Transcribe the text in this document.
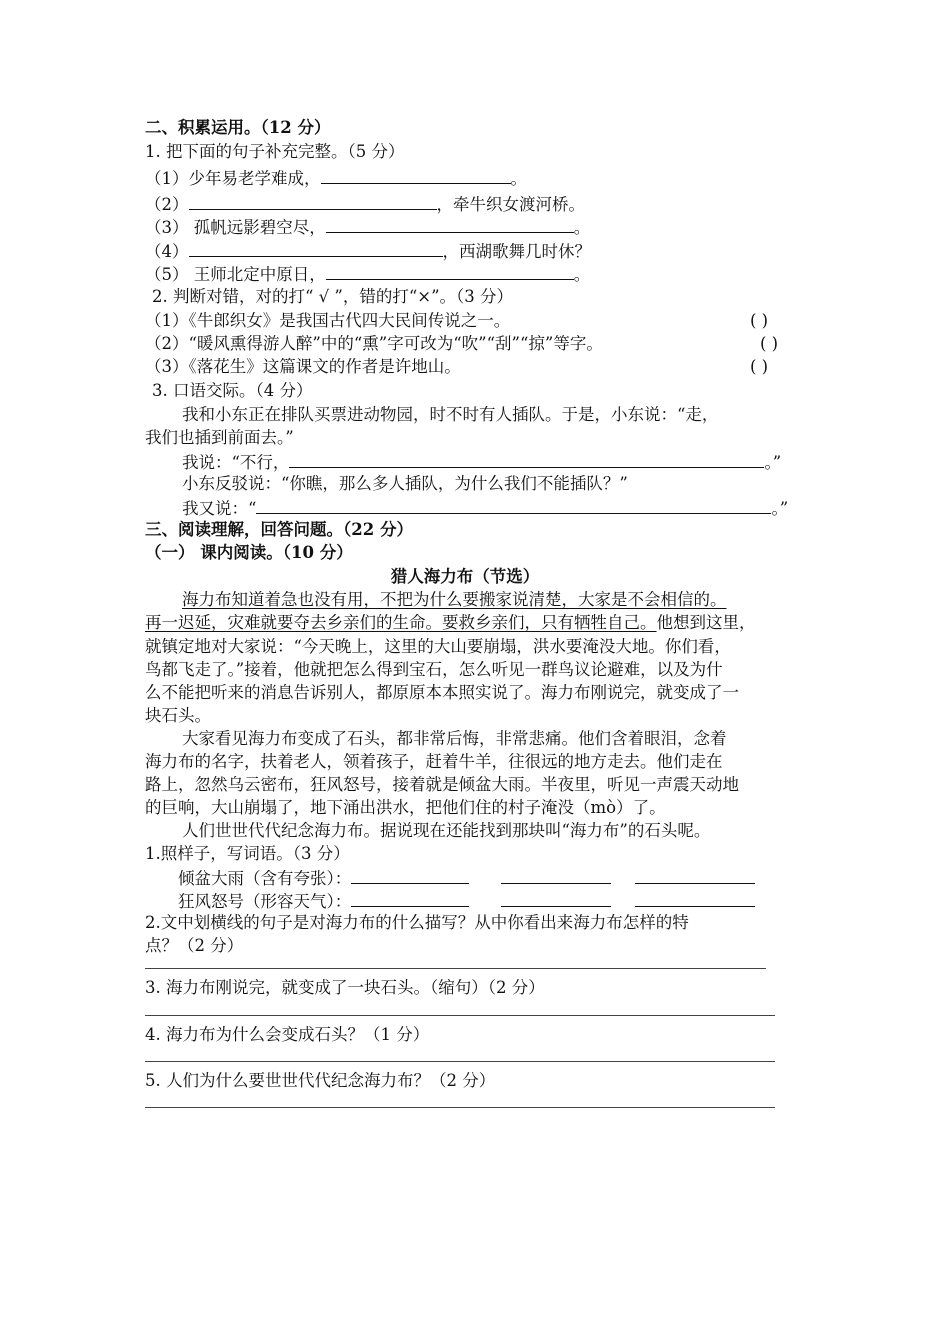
二、积累运用。（12 分）
1. 把下面的句子补充完整。（5 分）
（1）少年易老学难成，	。
（2）	，牵牛织女渡河桥。
（3） 孤帆远影碧空尽，	。
（4）	，西湖歌舞几时休？
（5） 王师北定中原日，	。
2. 判断对错，对的打“ √ ”，错的打“×”。（3 分）
（1）《牛郎织女》是我国古代四大民间传说之一。	( )
（2）“暖风熏得游人醉”中的“熏”字可改为“吹”“刮”“掠”等字。	( )
（3）《落花生》这篇课文的作者是许地山。	( )
3. 口语交际。（4 分）
我和小东正在排队买票进动物园，时不时有人插队。于是，小东说：“走，
我们也插到前面去。”
我说：“不行，	。”
小东反驳说：“你瞧，那么多人插队，为什么我们不能插队？”
我又说：“	。”
三、阅读理解，回答问题。（22 分）
（一） 课内阅读。（10 分）
猎人海力布（节选）
海力布知道着急也没有用，不把为什么要搬家说清楚，大家是不会相信的。
再一迟延，灾难就要夺去乡亲们的生命。要救乡亲们，只有牺牲自己。他想到这里，
就镇定地对大家说：“今天晚上，这里的大山要崩塌，洪水要淹没大地。你们看，
鸟都飞走了。”接着，他就把怎么得到宝石，怎么听见一群鸟议论避难，以及为什
么不能把听来的消息告诉别人，都原原本本照实说了。海力布刚说完，就变成了一
块石头。
大家看见海力布变成了石头，都非常后悔，非常悲痛。他们含着眼泪，念着
海力布的名字，扶着老人，领着孩子，赶着牛羊，往很远的地方走去。他们走在
路上，忽然乌云密布，狂风怒号，接着就是倾盆大雨。半夜里，听见一声震天动地
的巨响，大山崩塌了，地下涌出洪水，把他们住的村子淹没（mò）了。
人们世世代代纪念海力布。据说现在还能找到那块叫“海力布”的石头呢。
1.照样子，写词语。（3 分）
倾盆大雨（含有夸张）：
狂风怒号（形容天气）：
2.文中划横线的句子是对海力布的什么描写？从中你看出来海力布怎样的特
点？（2 分）
3. 海力布刚说完，就变成了一块石头。（缩句）（2 分）
4. 海力布为什么会变成石头？（1 分）
5. 人们为什么要世世代代纪念海力布？（2 分）
